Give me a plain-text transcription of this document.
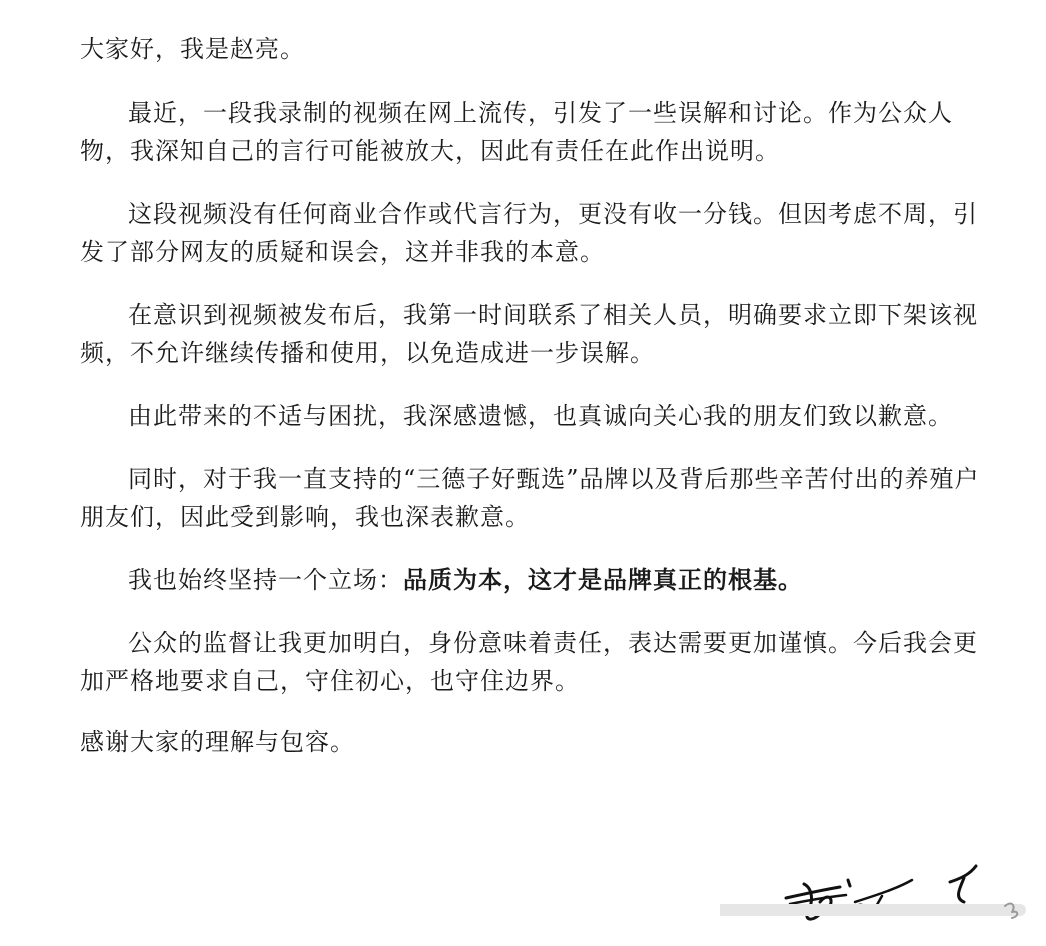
大家好，我是赵亮。

最近，一段我录制的视频在网上流传，引发了一些误解和讨论。作为公众人物，我深知自己的言行可能被放大，因此有责任在此作出说明。

这段视频没有任何商业合作或代言行为，更没有收一分钱。但因考虑不周，引发了部分网友的质疑和误会，这并非我的本意。

在意识到视频被发布后，我第一时间联系了相关人员，明确要求立即下架该视频，不允许继续传播和使用，以免造成进一步误解。

由此带来的不适与困扰，我深感遗憾，也真诚向关心我的朋友们致以歉意。

同时，对于我一直支持的“三德子好甄选”品牌以及背后那些辛苦付出的养殖户朋友们，因此受到影响，我也深表歉意。

我也始终坚持一个立场：品质为本，这才是品牌真正的根基。

公众的监督让我更加明白，身份意味着责任，表达需要更加谨慎。今后我会更加严格地要求自己，守住初心，也守住边界。

感谢大家的理解与包容。
